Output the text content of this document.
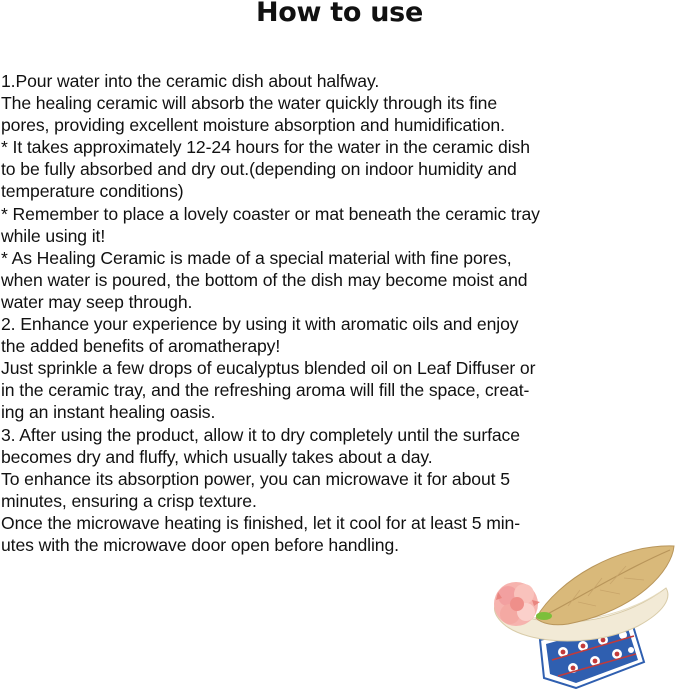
How to use
1.Pour water into the ceramic dish about halfway.
The healing ceramic will absorb the water quickly through its fine
pores, providing excellent moisture absorption and humidification.
* It takes approximately 12-24 hours for the water in the ceramic dish
to be fully absorbed and dry out.(depending on indoor humidity and
temperature conditions)
* Remember to place a lovely coaster or mat beneath the ceramic tray
while using it!
* As Healing Ceramic is made of a special material with fine pores,
when water is poured, the bottom of the dish may become moist and
water may seep through.
2. Enhance your experience by using it with aromatic oils and enjoy
the added benefits of aromatherapy!
Just sprinkle a few drops of eucalyptus blended oil on Leaf Diffuser or
in the ceramic tray, and the refreshing aroma will fill the space, creat-
ing an instant healing oasis.
3. After using the product, allow it to dry completely until the surface
becomes dry and fluffy, which usually takes about a day.
To enhance its absorption power, you can microwave it for about 5
minutes, ensuring a crisp texture.
Once the microwave heating is finished, let it cool for at least 5 min-
utes with the microwave door open before handling.
